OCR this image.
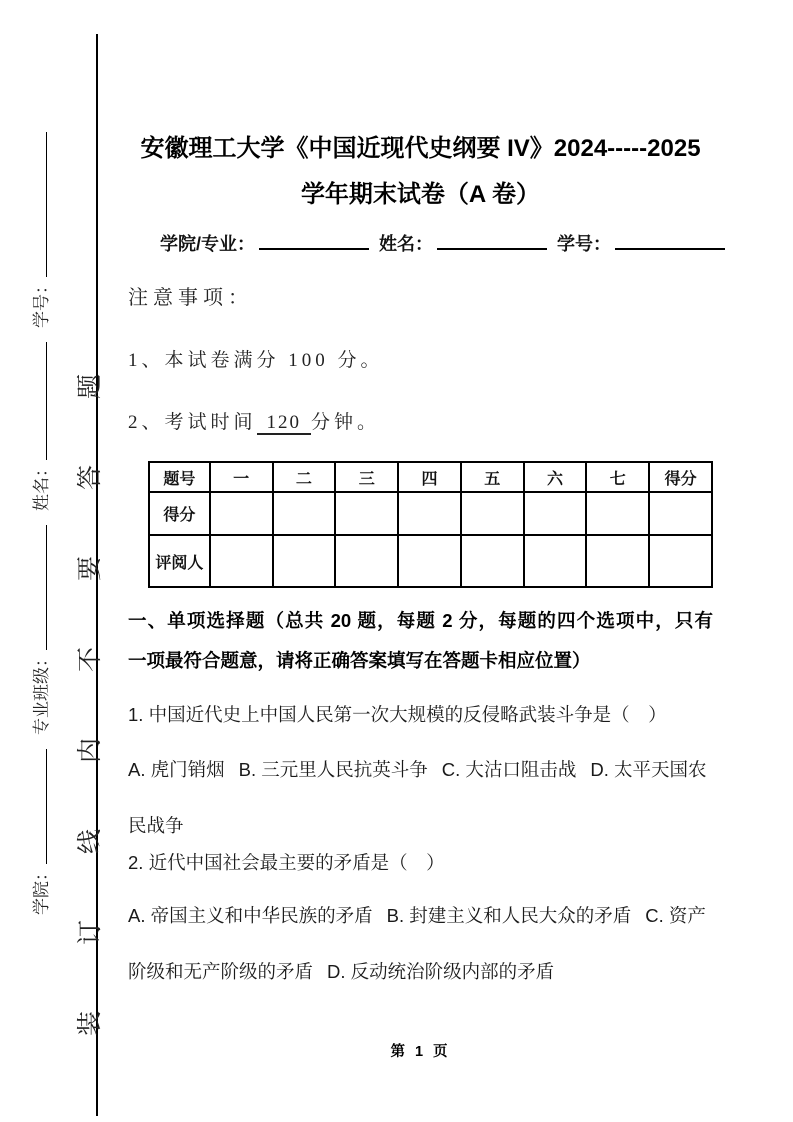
学院：专业班级：姓名：学号：
装订线内不要答题
安徽理工大学《中国近现代史纲要 IV》2024-----2025
学年期末试卷（A 卷）
学院/专业：	姓名：	学号：
注意事项：
1、本试卷满分 100 分。
2、考试时间 120 分钟。
题号	一	二	三	四	五	六	七	得分
得分								
评阅人								
一、单项选择题（总共 20 题，每题 2 分，每题的四个选项中，只有
一项最符合题意，请将正确答案填写在答题卡相应位置）
1. 中国近代史上中国人民第一次大规模的反侵略武装斗争是（　）
A. 虎门销烟 B. 三元里人民抗英斗争 C. 大沽口阻击战 D. 太平天国农民战争
2. 近代中国社会最主要的矛盾是（　）
A. 帝国主义和中华民族的矛盾 B. 封建主义和人民大众的矛盾 C. 资产阶级和无产阶级的矛盾 D. 反动统治阶级内部的矛盾
第 1 页
